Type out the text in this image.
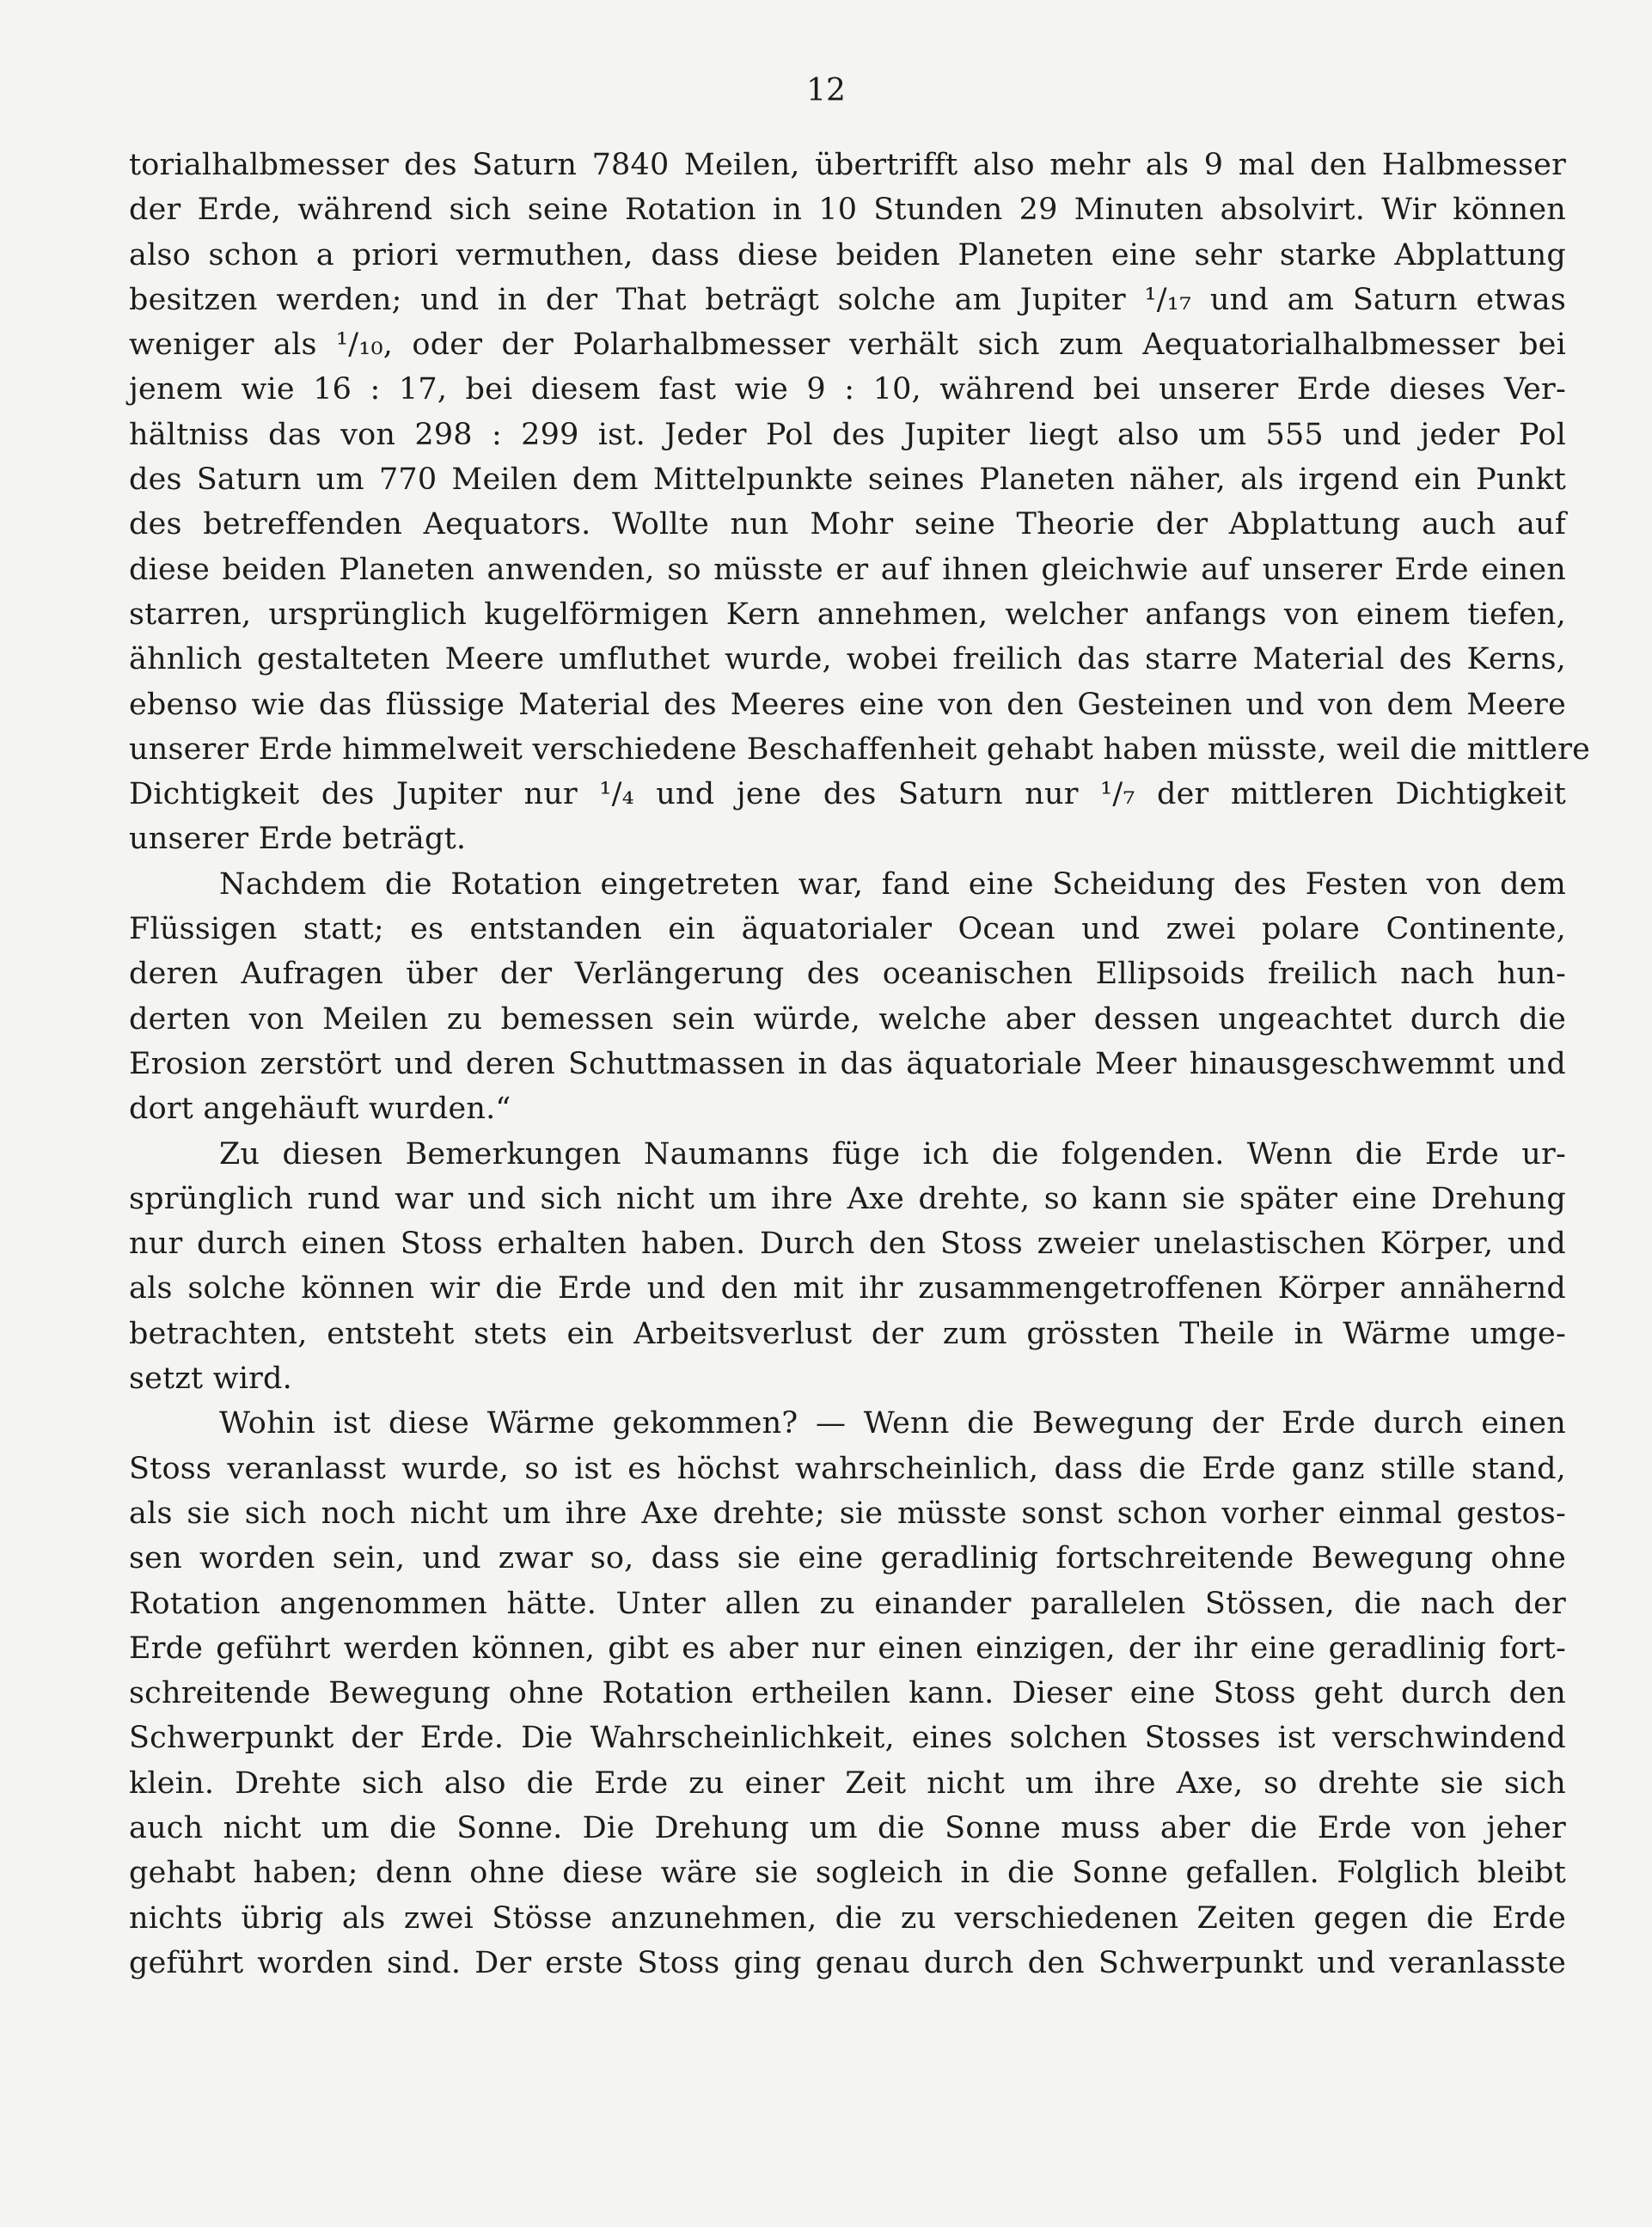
12
torialhalbmesser des Saturn 7840 Meilen, übertrifft also mehr als 9 mal den Halbmesser
der Erde, während sich seine Rotation in 10 Stunden 29 Minuten absolvirt. Wir können
also schon a priori vermuthen, dass diese beiden Planeten eine sehr starke Abplattung
besitzen werden; und in der That beträgt solche am Jupiter ¹/₁₇ und am Saturn etwas
weniger als ¹/₁₀, oder der Polarhalbmesser verhält sich zum Aequatorialhalbmesser bei
jenem wie 16 : 17, bei diesem fast wie 9 : 10, während bei unserer Erde dieses Ver-
hältniss das von 298 : 299 ist. Jeder Pol des Jupiter liegt also um 555 und jeder Pol
des Saturn um 770 Meilen dem Mittelpunkte seines Planeten näher, als irgend ein Punkt
des betreffenden Aequators. Wollte nun Mohr seine Theorie der Abplattung auch auf
diese beiden Planeten anwenden, so müsste er auf ihnen gleichwie auf unserer Erde einen
starren, ursprünglich kugelförmigen Kern annehmen, welcher anfangs von einem tiefen,
ähnlich gestalteten Meere umfluthet wurde, wobei freilich das starre Material des Kerns,
ebenso wie das flüssige Material des Meeres eine von den Gesteinen und von dem Meere
unserer Erde himmelweit verschiedene Beschaffenheit gehabt haben müsste, weil die mittlere
Dichtigkeit des Jupiter nur ¹/₄ und jene des Saturn nur ¹/₇ der mittleren Dichtigkeit
unserer Erde beträgt.
Nachdem die Rotation eingetreten war, fand eine Scheidung des Festen von dem
Flüssigen statt; es entstanden ein äquatorialer Ocean und zwei polare Continente,
deren Aufragen über der Verlängerung des oceanischen Ellipsoids freilich nach hun-
derten von Meilen zu bemessen sein würde, welche aber dessen ungeachtet durch die
Erosion zerstört und deren Schuttmassen in das äquatoriale Meer hinausgeschwemmt und
dort angehäuft wurden.“
Zu diesen Bemerkungen Naumanns füge ich die folgenden. Wenn die Erde ur-
sprünglich rund war und sich nicht um ihre Axe drehte, so kann sie später eine Drehung
nur durch einen Stoss erhalten haben. Durch den Stoss zweier unelastischen Körper, und
als solche können wir die Erde und den mit ihr zusammengetroffenen Körper annähernd
betrachten, entsteht stets ein Arbeitsverlust der zum grössten Theile in Wärme umge-
setzt wird.
Wohin ist diese Wärme gekommen? — Wenn die Bewegung der Erde durch einen
Stoss veranlasst wurde, so ist es höchst wahrscheinlich, dass die Erde ganz stille stand,
als sie sich noch nicht um ihre Axe drehte; sie müsste sonst schon vorher einmal gestos-
sen worden sein, und zwar so, dass sie eine geradlinig fortschreitende Bewegung ohne
Rotation angenommen hätte. Unter allen zu einander parallelen Stössen, die nach der
Erde geführt werden können, gibt es aber nur einen einzigen, der ihr eine geradlinig fort-
schreitende Bewegung ohne Rotation ertheilen kann. Dieser eine Stoss geht durch den
Schwerpunkt der Erde. Die Wahrscheinlichkeit, eines solchen Stosses ist verschwindend
klein. Drehte sich also die Erde zu einer Zeit nicht um ihre Axe, so drehte sie sich
auch nicht um die Sonne. Die Drehung um die Sonne muss aber die Erde von jeher
gehabt haben; denn ohne diese wäre sie sogleich in die Sonne gefallen. Folglich bleibt
nichts übrig als zwei Stösse anzunehmen, die zu verschiedenen Zeiten gegen die Erde
geführt worden sind. Der erste Stoss ging genau durch den Schwerpunkt und veranlasste
